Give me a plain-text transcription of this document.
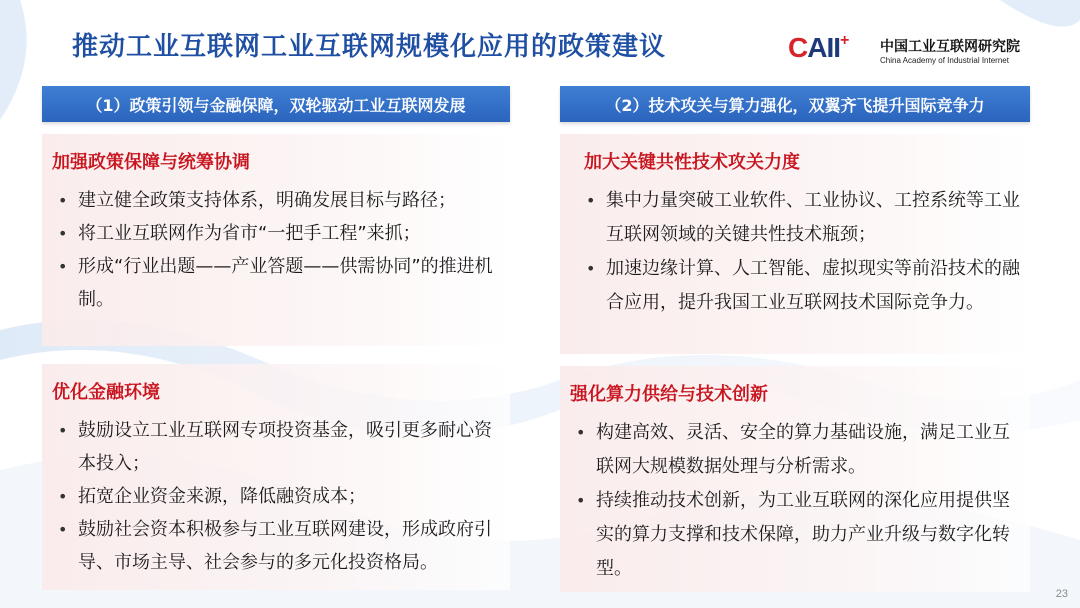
推动工业互联网工业互联网规模化应用的政策建议	CAII+ 中国工业互联网研究院
China Academy of Industrial Internet
（1）政策引领与金融保障，双轮驱动工业互联网发展	（2）技术攻关与算力强化，双翼齐飞提升国际竞争力
加强政策保障与统筹协调
• 建立健全政策支持体系，明确发展目标与路径；
• 将工业互联网作为省市“一把手工程”来抓；
• 形成“行业出题——产业答题——供需协同”的推进机制。
优化金融环境
• 鼓励设立工业互联网专项投资基金，吸引更多耐心资本投入；
• 拓宽企业资金来源，降低融资成本；
• 鼓励社会资本积极参与工业互联网建设，形成政府引导、市场主导、社会参与的多元化投资格局。
加大关键共性技术攻关力度
• 集中力量突破工业软件、工业协议、工控系统等工业互联网领域的关键共性技术瓶颈；
• 加速边缘计算、人工智能、虚拟现实等前沿技术的融合应用，提升我国工业互联网技术国际竞争力。
强化算力供给与技术创新
• 构建高效、灵活、安全的算力基础设施，满足工业互联网大规模数据处理与分析需求。
• 持续推动技术创新，为工业互联网的深化应用提供坚实的算力支撑和技术保障，助力产业升级与数字化转型。
23
